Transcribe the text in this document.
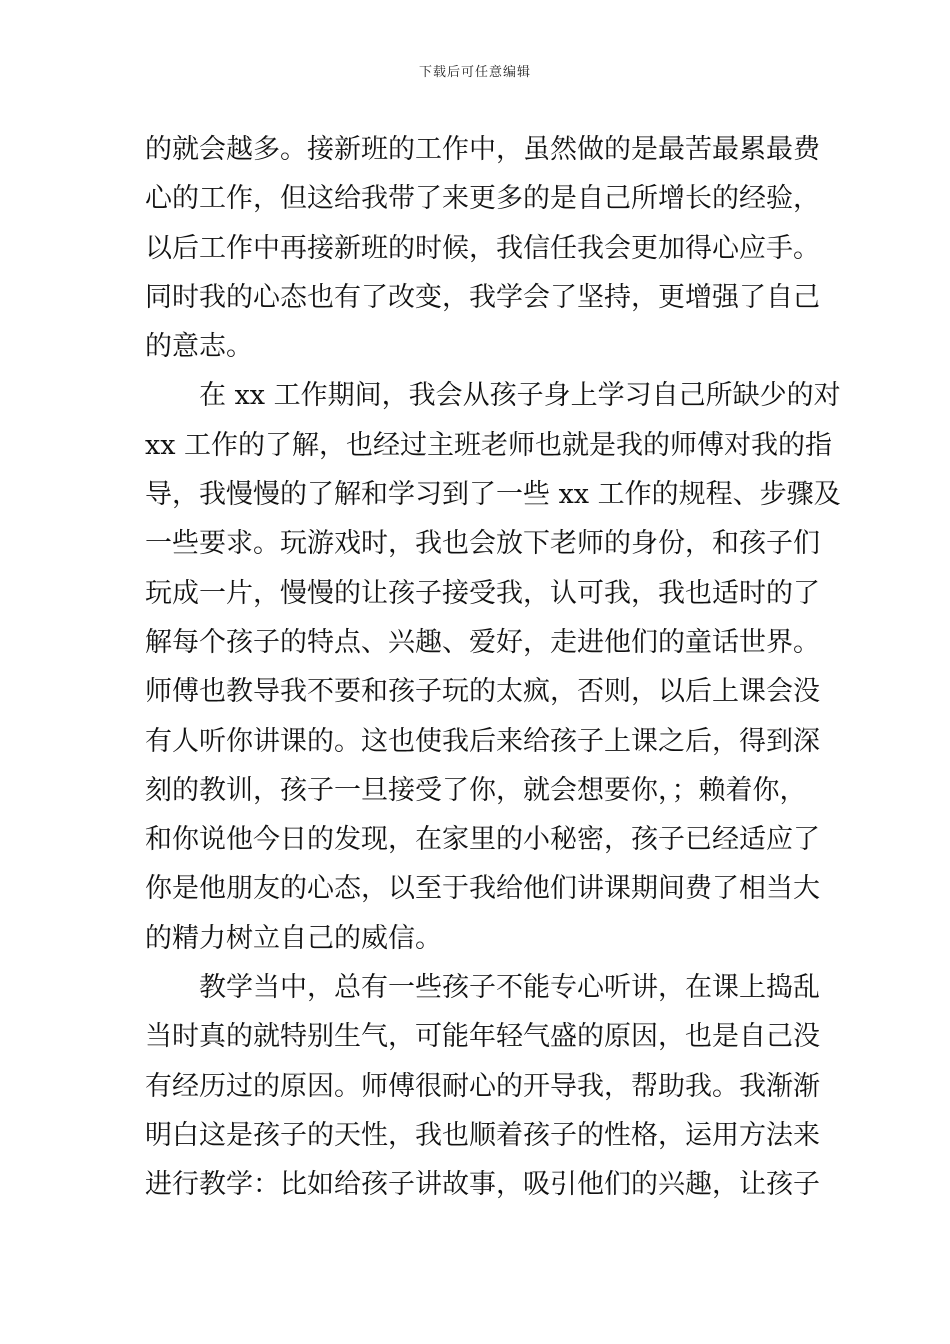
下载后可任意编辑
的就会越多。接新班的工作中，虽然做的是最苦最累最费
心的工作，但这给我带了来更多的是自己所增长的经验，
以后工作中再接新班的时候，我信任我会更加得心应手。
同时我的心态也有了改变，我学会了坚持，更增强了自己
的意志。
在 xx 工作期间，我会从孩子身上学习自己所缺少的对
xx 工作的了解，也经过主班老师也就是我的师傅对我的指
导，我慢慢的了解和学习到了一些 xx 工作的规程、步骤及
一些要求。玩游戏时，我也会放下老师的身份，和孩子们
玩成一片，慢慢的让孩子接受我，认可我，我也适时的了
解每个孩子的特点、兴趣、爱好，走进他们的童话世界。
师傅也教导我不要和孩子玩的太疯，否则，以后上课会没
有人听你讲课的。这也使我后来给孩子上课之后，得到深
刻的教训，孩子一旦接受了你，就会想要你，；赖着你，
和你说他今日的发现，在家里的小秘密，孩子已经适应了
你是他朋友的心态，以至于我给他们讲课期间费了相当大
的精力树立自己的威信。
教学当中，总有一些孩子不能专心听讲，在课上捣乱
当时真的就特别生气，可能年轻气盛的原因，也是自己没
有经历过的原因。师傅很耐心的开导我，帮助我。我渐渐
明白这是孩子的天性，我也顺着孩子的性格，运用方法来
进行教学：比如给孩子讲故事，吸引他们的兴趣，让孩子
